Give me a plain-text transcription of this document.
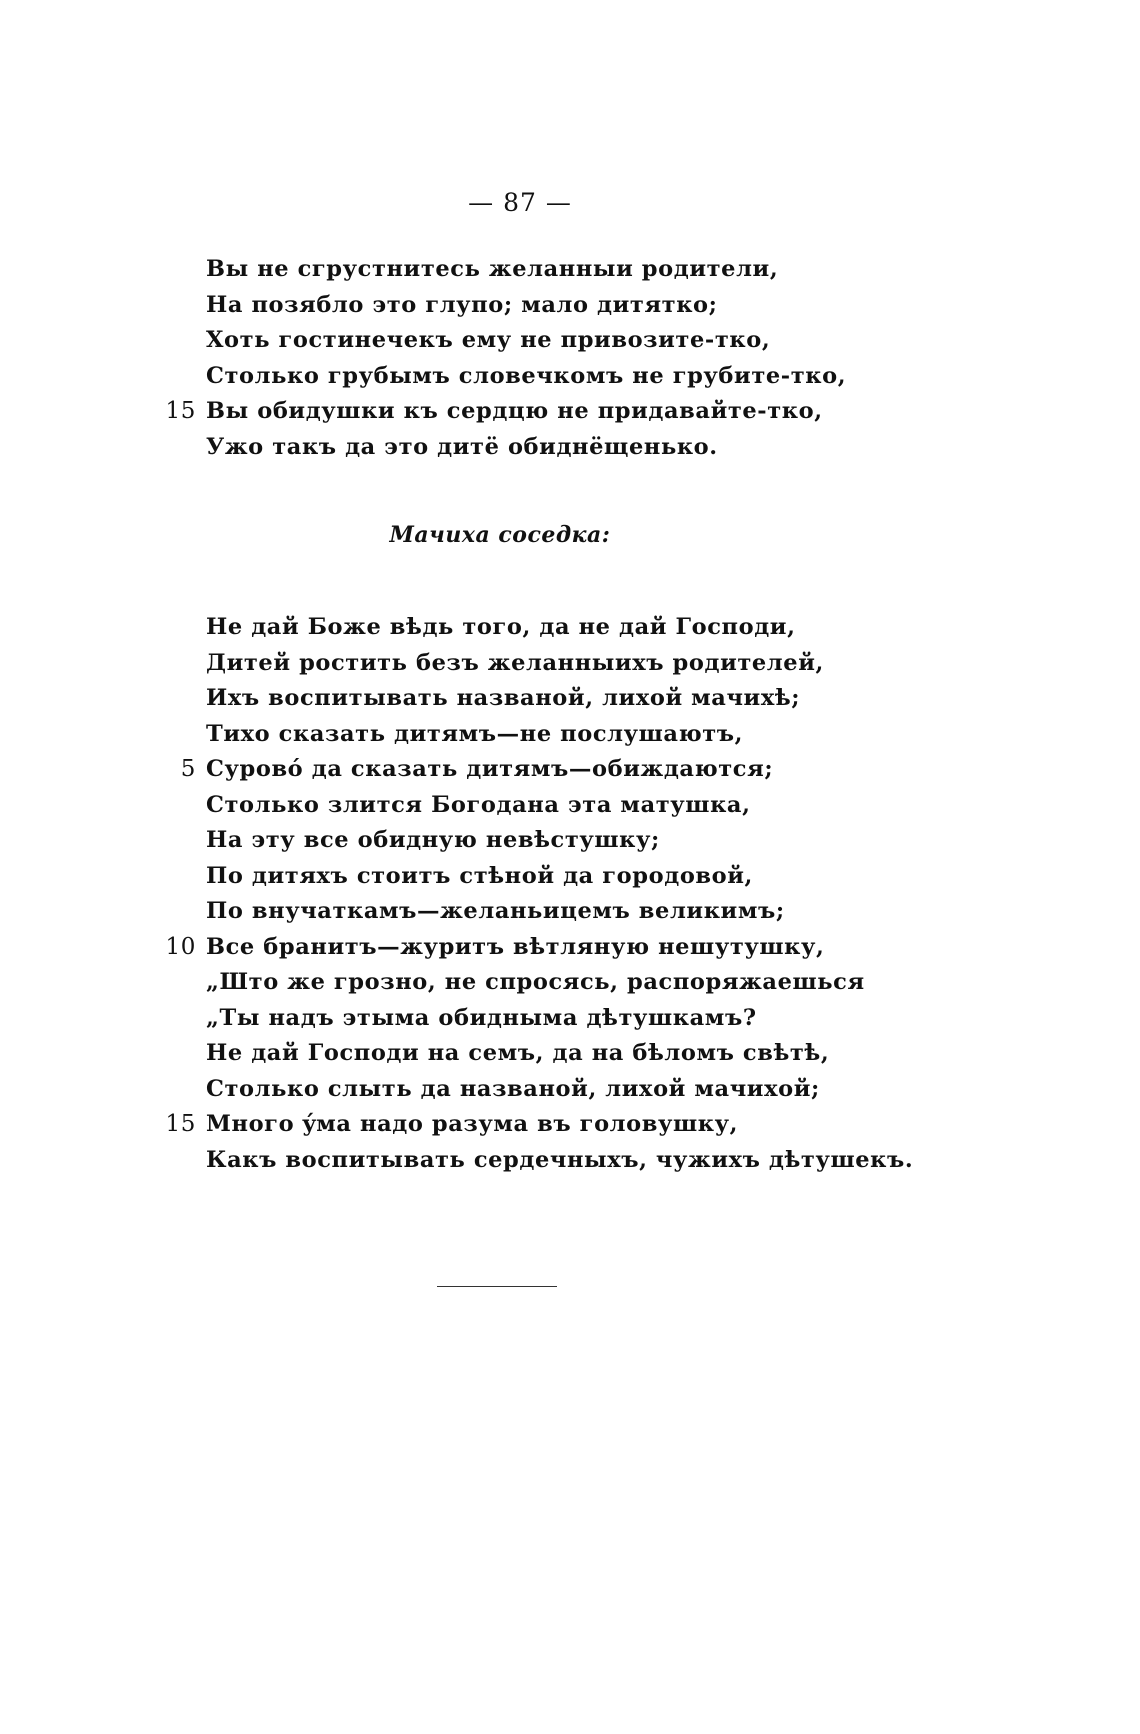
— 87 —
Вы не сгрустнитесь желанныи родители,
На позябло это глупо; мало дитятко;
Хоть гостинечекъ ему не привозите-тко,
Столько грубымъ словечкомъ не грубите-тко,
15 Вы обидушки къ сердцю не придавайте-тко,
Ужо такъ да это дитё обиднёщенько.
Мачиха соседка:
Не дай Боже вѣдь того, да не дай Господи,
Дитей ростить безъ желанныихъ родителей,
Ихъ воспитывать названой, лихой мачихѣ;
Тихо сказать дитямъ—не послушаютъ,
5 Суровó да сказать дитямъ—обиждаются;
Столько злится Богодана эта матушка,
На эту все обидную невѣстушку;
По дитяхъ стоитъ стѣной да городовой,
По внучаткамъ—желаньицемъ великимъ;
10 Все бранитъ—журитъ вѣтляную нешутушку,
„Што же грозно, не спросясь, распоряжаешься
„Ты надъ этыма обидныма дѣтушкамъ?
Не дай Господи на семъ, да на бѣломъ свѣтѣ,
Столько слыть да названой, лихой мачихой;
15 Много ýма надо разума въ головушку,
Какъ воспитывать сердечныхъ, чужихъ дѣтушекъ.
